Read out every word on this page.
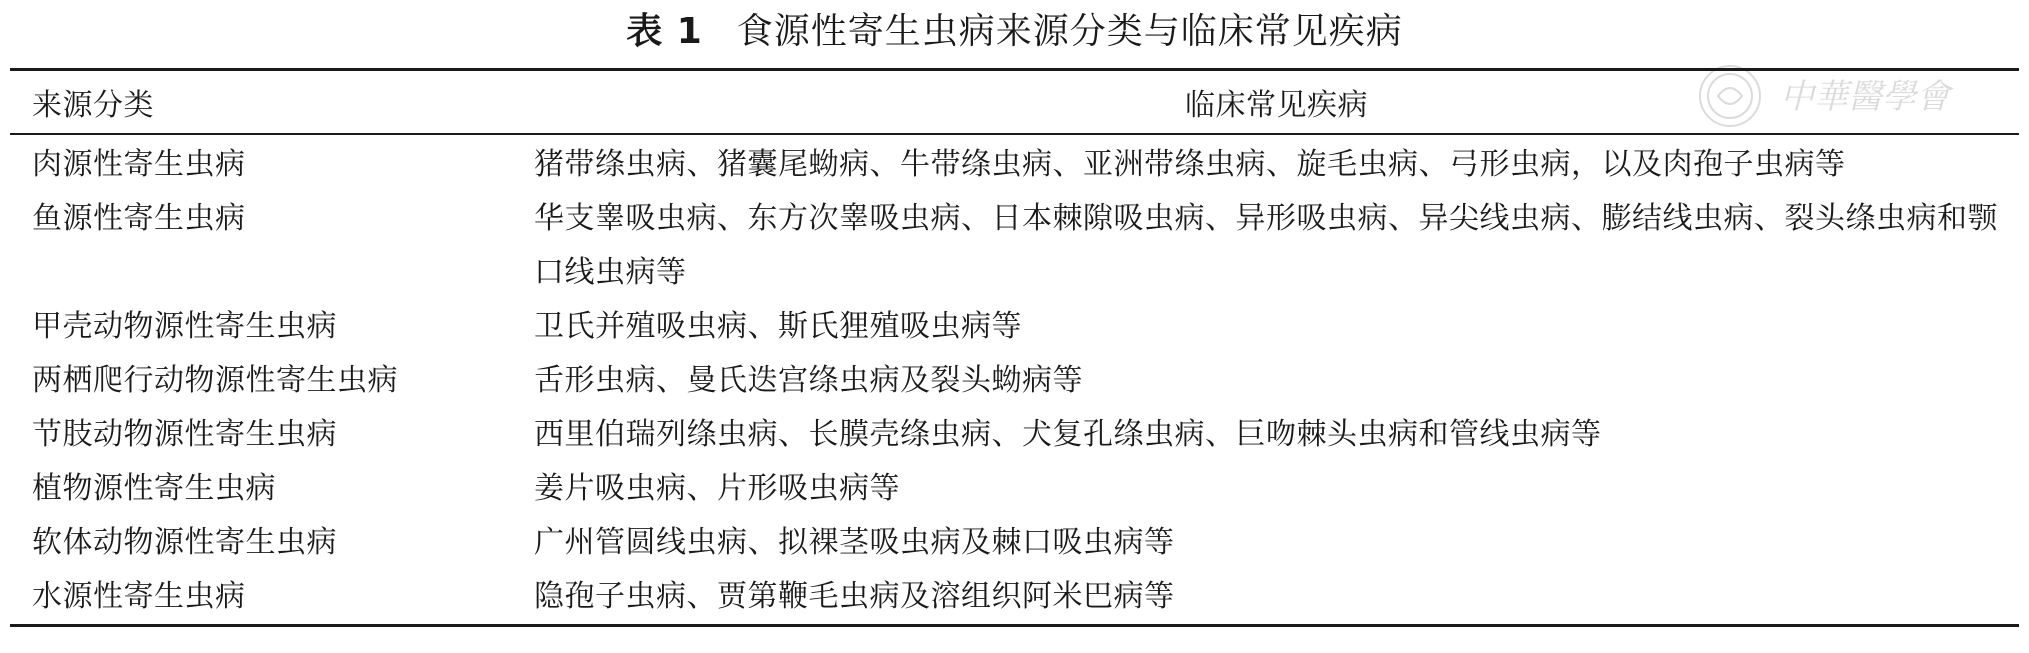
表 1 食源性寄生虫病来源分类与临床常见疾病
中華醫學會
来源分类	临床常见疾病
肉源性寄生虫病	猪带绦虫病、猪囊尾蚴病、牛带绦虫病、亚洲带绦虫病、旋毛虫病、弓形虫病，以及肉孢子虫病等
鱼源性寄生虫病	华支睾吸虫病、东方次睾吸虫病、日本棘隙吸虫病、异形吸虫病、异尖线虫病、膨结线虫病、裂头绦虫病和颚口线虫病等
甲壳动物源性寄生虫病	卫氏并殖吸虫病、斯氏狸殖吸虫病等
两栖爬行动物源性寄生虫病	舌形虫病、曼氏迭宫绦虫病及裂头蚴病等
节肢动物源性寄生虫病	西里伯瑞列绦虫病、长膜壳绦虫病、犬复孔绦虫病、巨吻棘头虫病和管线虫病等
植物源性寄生虫病	姜片吸虫病、片形吸虫病等
软体动物源性寄生虫病	广州管圆线虫病、拟裸茎吸虫病及棘口吸虫病等
水源性寄生虫病	隐孢子虫病、贾第鞭毛虫病及溶组织阿米巴病等
